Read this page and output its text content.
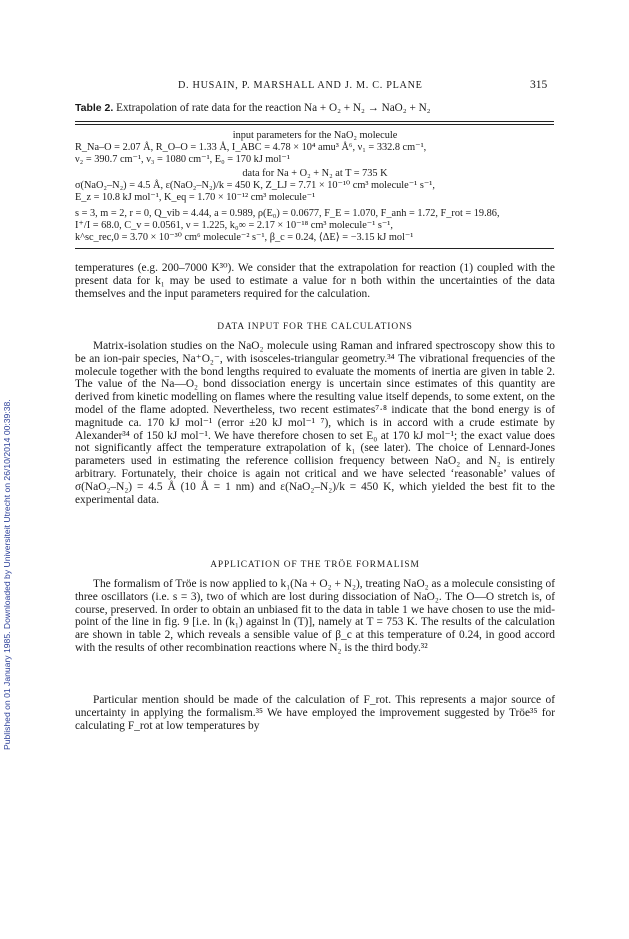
Published on 01 January 1985. Downloaded by Universiteit Utrecht on 26/10/2014 00:39:38.
D. HUSAIN, P. MARSHALL AND J. M. C. PLANE	315
Table 2. Extrapolation of rate data for the reaction Na + O₂ + N₂ → NaO₂ + N₂
input parameters for the NaO₂ molecule
R_Na–O = 2.07 Å, R_O–O = 1.33 Å, I_ABC = 4.78 × 10⁴ amu³ Å⁶, ν₁ = 332.8 cm⁻¹,
ν₂ = 390.7 cm⁻¹, ν₃ = 1080 cm⁻¹, E₀ = 170 kJ mol⁻¹
data for Na + O₂ + N₂ at T = 735 K
σ(NaO₂–N₂) = 4.5 Å, ε(NaO₂–N₂)/k = 450 K, Z_LJ = 7.71 × 10⁻¹⁰ cm³ molecule⁻¹ s⁻¹,
E_z = 10.8 kJ mol⁻¹, K_eq = 1.70 × 10⁻¹² cm³ molecule⁻¹
s = 3, m = 2, r = 0, Q_vib = 4.44, a = 0.989, ρ(E₀) = 0.0677, F_E = 1.070, F_anh = 1.72, F_rot = 19.86,
I⁺/I = 68.0, C_v = 0.0561, ν = 1.225, k₀∞ = 2.17 × 10⁻¹⁸ cm³ molecule⁻¹ s⁻¹,
k^sc_rec,0 = 3.70 × 10⁻³⁰ cm⁶ molecule⁻² s⁻¹, β_c = 0.24, ⟨ΔE⟩ = −3.15 kJ mol⁻¹

temperatures (e.g. 200–7000 K³⁰). We consider that the extrapolation for reaction (1) coupled with the present data for k₁ may be used to estimate a value for n both within the uncertainties of the data themselves and the input parameters required for the calculation.

DATA INPUT FOR THE CALCULATIONS

Matrix-isolation studies on the NaO₂ molecule using Raman and infrared spectroscopy show this to be an ion-pair species, Na⁺O₂⁻, with isosceles-triangular geometry.³⁴ The vibrational frequencies of the molecule together with the bond lengths required to evaluate the moments of inertia are given in table 2. The value of the Na—O₂ bond dissociation energy is uncertain since estimates of this quantity are derived from kinetic modelling on flames where the resulting value itself depends, to some extent, on the model of the flame adopted. Nevertheless, two recent estimates⁷·⁸ indicate that the bond energy is of magnitude ca. 170 kJ mol⁻¹ (error ±20 kJ mol⁻¹ ⁷), which is in accord with a crude estimate by Alexander³⁴ of 150 kJ mol⁻¹. We have therefore chosen to set E₀ at 170 kJ mol⁻¹; the exact value does not significantly affect the temperature extrapolation of k₁ (see later). The choice of Lennard-Jones parameters used in estimating the reference collision frequency between NaO₂ and N₂ is entirely arbitrary. Fortunately, their choice is again not critical and we have selected ‘reasonable’ values of σ(NaO₂–N₂) = 4.5 Å (10 Å = 1 nm) and ε(NaO₂–N₂)/k = 450 K, which yielded the best fit to the experimental data.

APPLICATION OF THE TRÖE FORMALISM

The formalism of Tröe is now applied to k₁(Na + O₂ + N₂), treating NaO₂ as a molecule consisting of three oscillators (i.e. s = 3), two of which are lost during dissociation of NaO₂. The O—O stretch is, of course, preserved. In order to obtain an unbiased fit to the data in table 1 we have chosen to use the mid-point of the line in fig. 9 [i.e. ln (k₁) against ln (T)], namely at T = 753 K. The results of the calculation are shown in table 2, which reveals a sensible value of β_c at this temperature of 0.24, in good accord with the results of other recombination reactions where N₂ is the third body.³²

Particular mention should be made of the calculation of F_rot. This represents a major source of uncertainty in applying the formalism.³⁵ We have employed the improvement suggested by Tröe³⁵ for calculating F_rot at low temperatures by
